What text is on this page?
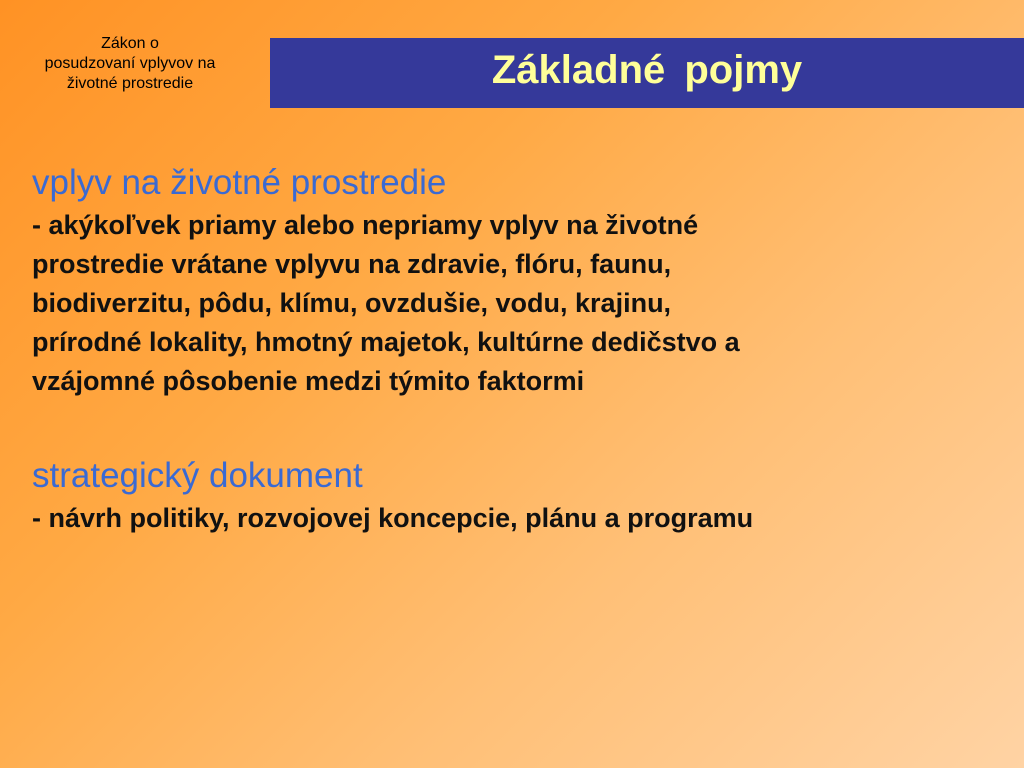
Zákon o
posudzovaní vplyvov na
životné prostredie	Základné pojmy
vplyv na životné prostredie
- akýkoľvek priamy alebo nepriamy vplyv na životné
prostredie vrátane vplyvu na zdravie, flóru, faunu,
biodiverzitu, pôdu, klímu, ovzdušie, vodu, krajinu,
prírodné lokality, hmotný majetok, kultúrne dedičstvo a
vzájomné pôsobenie medzi týmito faktormi
strategický dokument
- návrh politiky, rozvojovej koncepcie, plánu a programu
